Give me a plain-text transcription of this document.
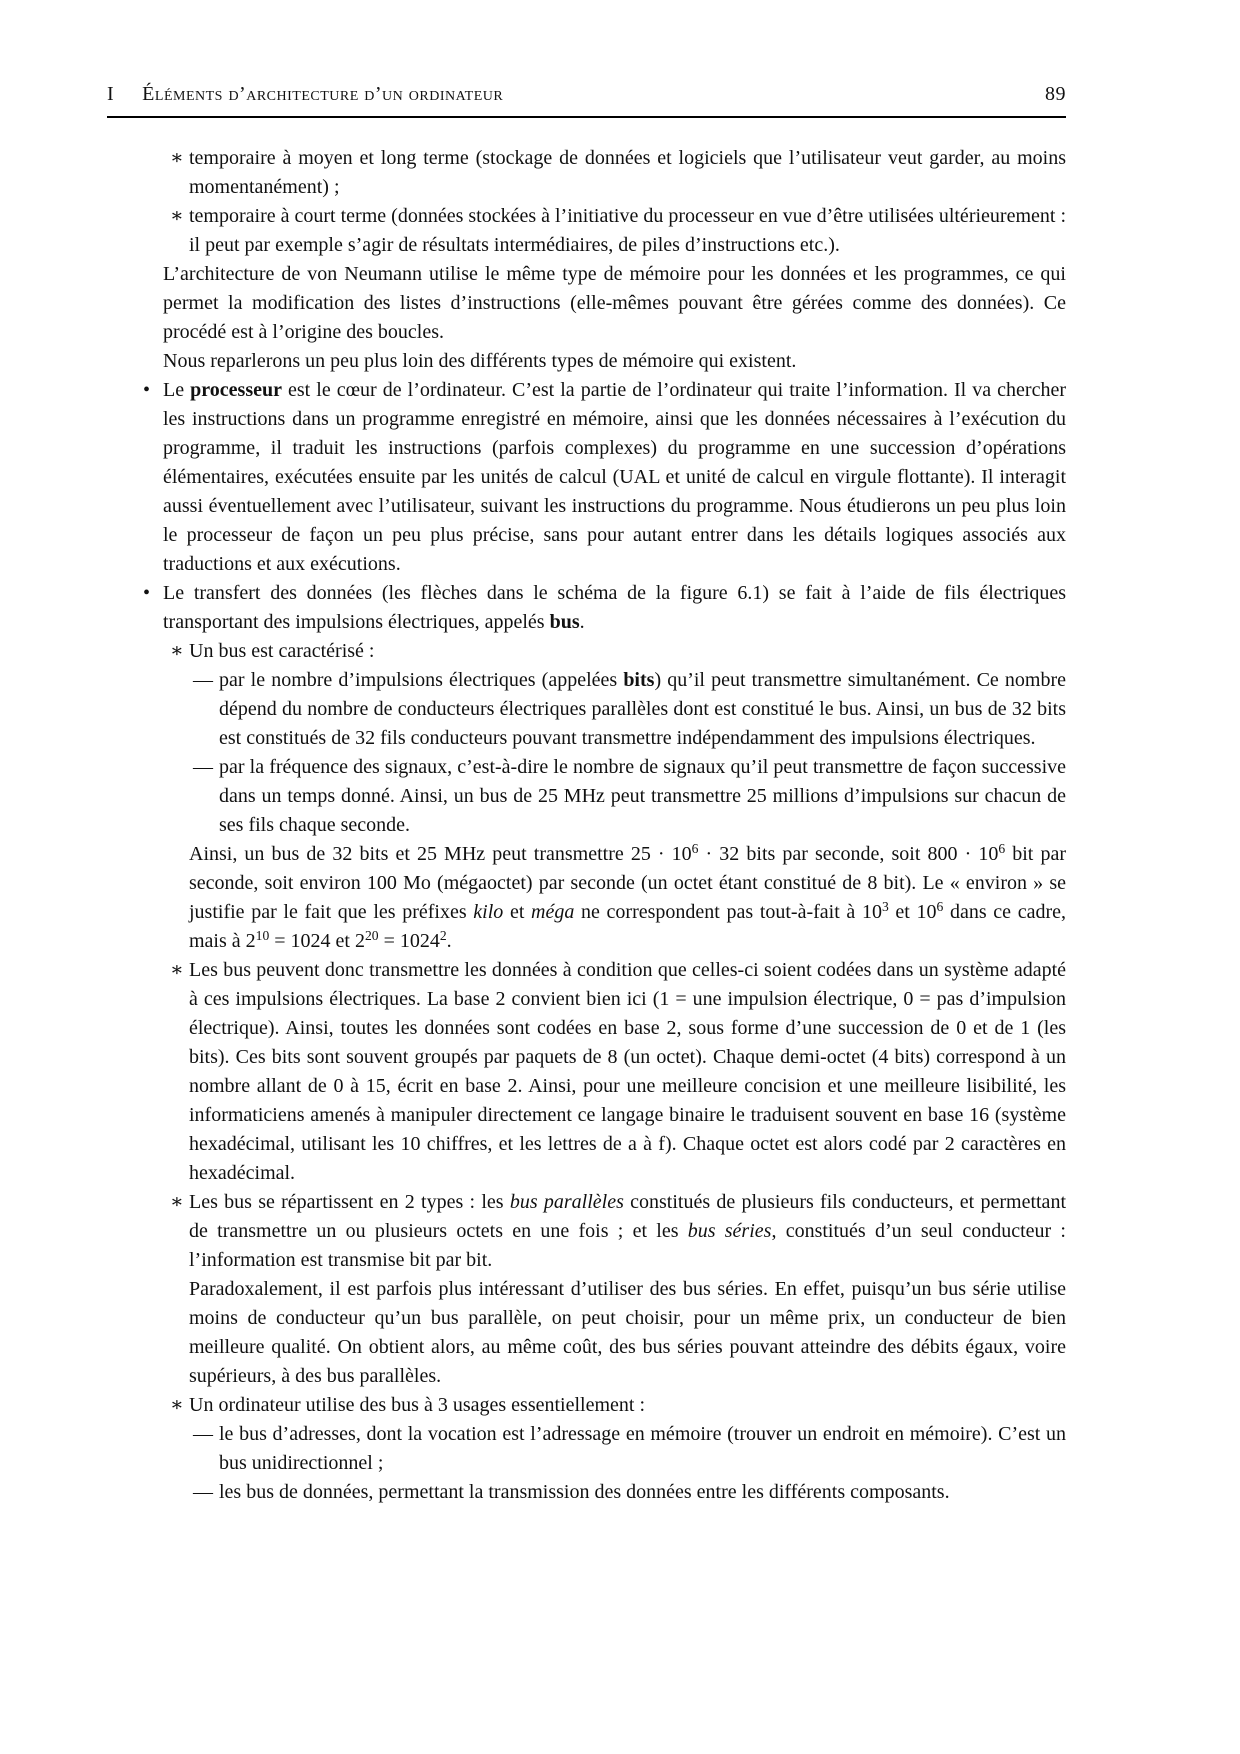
I Éléments d’architecture d’un ordinateur	89
∗ temporaire à moyen et long terme (stockage de données et logiciels que l’utilisateur veut garder, au moins momentanément) ;
∗ temporaire à court terme (données stockées à l’initiative du processeur en vue d’être utilisées ultérieurement : il peut par exemple s’agir de résultats intermédiaires, de piles d’instructions etc.).
L’architecture de von Neumann utilise le même type de mémoire pour les données et les programmes, ce qui permet la modification des listes d’instructions (elle-mêmes pouvant être gérées comme des données). Ce procédé est à l’origine des boucles.
Nous reparlerons un peu plus loin des différents types de mémoire qui existent.
• Le processeur est le cœur de l’ordinateur. C’est la partie de l’ordinateur qui traite l’information. Il va chercher les instructions dans un programme enregistré en mémoire, ainsi que les données nécessaires à l’exécution du programme, il traduit les instructions (parfois complexes) du programme en une succession d’opérations élémentaires, exécutées ensuite par les unités de calcul (UAL et unité de calcul en virgule flottante). Il interagit aussi éventuellement avec l’utilisateur, suivant les instructions du programme. Nous étudierons un peu plus loin le processeur de façon un peu plus précise, sans pour autant entrer dans les détails logiques associés aux traductions et aux exécutions.
• Le transfert des données (les flèches dans le schéma de la figure 6.1) se fait à l’aide de fils électriques transportant des impulsions électriques, appelés bus.
∗ Un bus est caractérisé :
— par le nombre d’impulsions électriques (appelées bits) qu’il peut transmettre simultanément. Ce nombre dépend du nombre de conducteurs électriques parallèles dont est constitué le bus. Ainsi, un bus de 32 bits est constitués de 32 fils conducteurs pouvant transmettre indépendamment des impulsions électriques.
— par la fréquence des signaux, c’est-à-dire le nombre de signaux qu’il peut transmettre de façon successive dans un temps donné. Ainsi, un bus de 25 MHz peut transmettre 25 millions d’impulsions sur chacun de ses fils chaque seconde.
Ainsi, un bus de 32 bits et 25 MHz peut transmettre $25 \cdot 10^6 \cdot 32$ bits par seconde, soit $800 \cdot 10^6$ bit par seconde, soit environ 100 Mo (mégaoctet) par seconde (un octet étant constitué de 8 bit). Le « environ » se justifie par le fait que les préfixes kilo et méga ne correspondent pas tout-à-fait à $10^3$ et $10^6$ dans ce cadre, mais à $2^{10} = 1024$ et $2^{20} = 1024^2$.
∗ Les bus peuvent donc transmettre les données à condition que celles-ci soient codées dans un système adapté à ces impulsions électriques. La base 2 convient bien ici (1 = une impulsion électrique, 0 = pas d’impulsion électrique). Ainsi, toutes les données sont codées en base 2, sous forme d’une succession de 0 et de 1 (les bits). Ces bits sont souvent groupés par paquets de 8 (un octet). Chaque demi-octet (4 bits) correspond à un nombre allant de 0 à 15, écrit en base 2. Ainsi, pour une meilleure concision et une meilleure lisibilité, les informaticiens amenés à manipuler directement ce langage binaire le traduisent souvent en base 16 (système hexadécimal, utilisant les 10 chiffres, et les lettres de a à f). Chaque octet est alors codé par 2 caractères en hexadécimal.
∗ Les bus se répartissent en 2 types : les bus parallèles constitués de plusieurs fils conducteurs, et permettant de transmettre un ou plusieurs octets en une fois ; et les bus séries, constitués d’un seul conducteur : l’information est transmise bit par bit.
Paradoxalement, il est parfois plus intéressant d’utiliser des bus séries. En effet, puisqu’un bus série utilise moins de conducteur qu’un bus parallèle, on peut choisir, pour un même prix, un conducteur de bien meilleure qualité. On obtient alors, au même coût, des bus séries pouvant atteindre des débits égaux, voire supérieurs, à des bus parallèles.
∗ Un ordinateur utilise des bus à 3 usages essentiellement :
— le bus d’adresses, dont la vocation est l’adressage en mémoire (trouver un endroit en mémoire). C’est un bus unidirectionnel ;
— les bus de données, permettant la transmission des données entre les différents composants.
